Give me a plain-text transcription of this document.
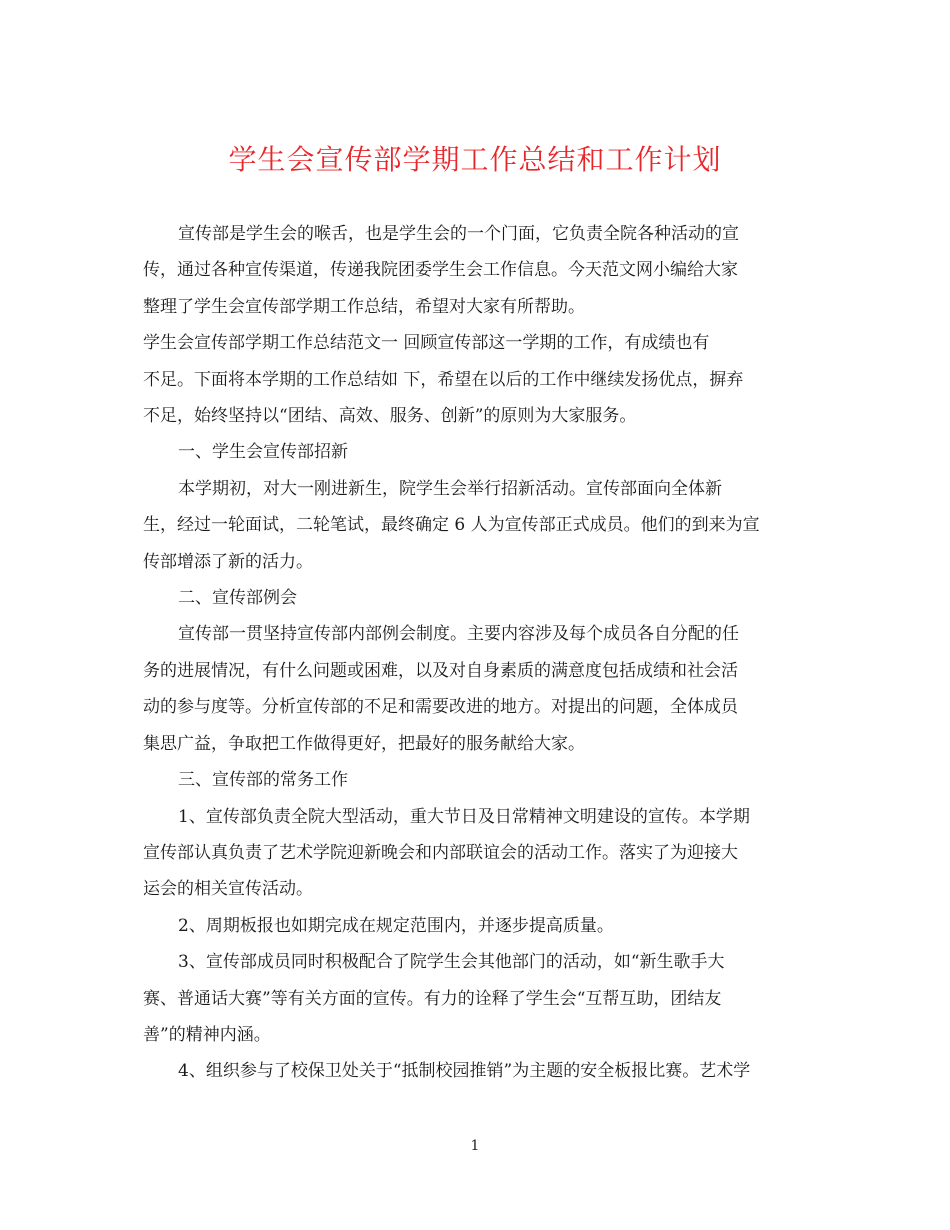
学生会宣传部学期工作总结和工作计划
宣传部是学生会的喉舌，也是学生会的一个门面，它负责全院各种活动的宣
传，通过各种宣传渠道，传递我院团委学生会工作信息。今天范文网小编给大家
整理了学生会宣传部学期工作总结，希望对大家有所帮助。
学生会宣传部学期工作总结范文一 回顾宣传部这一学期的工作，有成绩也有
不足。下面将本学期的工作总结如 下，希望在以后的工作中继续发扬优点，摒弃
不足，始终坚持以“团结、高效、服务、创新”的原则为大家服务。
一、学生会宣传部招新
本学期初，对大一刚进新生，院学生会举行招新活动。宣传部面向全体新
生，经过一轮面试，二轮笔试，最终确定 6 人为宣传部正式成员。他们的到来为宣
传部增添了新的活力。
二、宣传部例会
宣传部一贯坚持宣传部内部例会制度。主要内容涉及每个成员各自分配的任
务的进展情况，有什么问题或困难，以及对自身素质的满意度包括成绩和社会活
动的参与度等。分析宣传部的不足和需要改进的地方。对提出的问题，全体成员
集思广益，争取把工作做得更好，把最好的服务献给大家。
三、宣传部的常务工作
1、宣传部负责全院大型活动，重大节日及日常精神文明建设的宣传。本学期
宣传部认真负责了艺术学院迎新晚会和内部联谊会的活动工作。落实了为迎接大
运会的相关宣传活动。
2、周期板报也如期完成在规定范围内，并逐步提高质量。
3、宣传部成员同时积极配合了院学生会其他部门的活动，如“新生歌手大
赛、普通话大赛”等有关方面的宣传。有力的诠释了学生会“互帮互助，团结友
善”的精神内涵。
4、组织参与了校保卫处关于“抵制校园推销”为主题的安全板报比赛。艺术学
1
